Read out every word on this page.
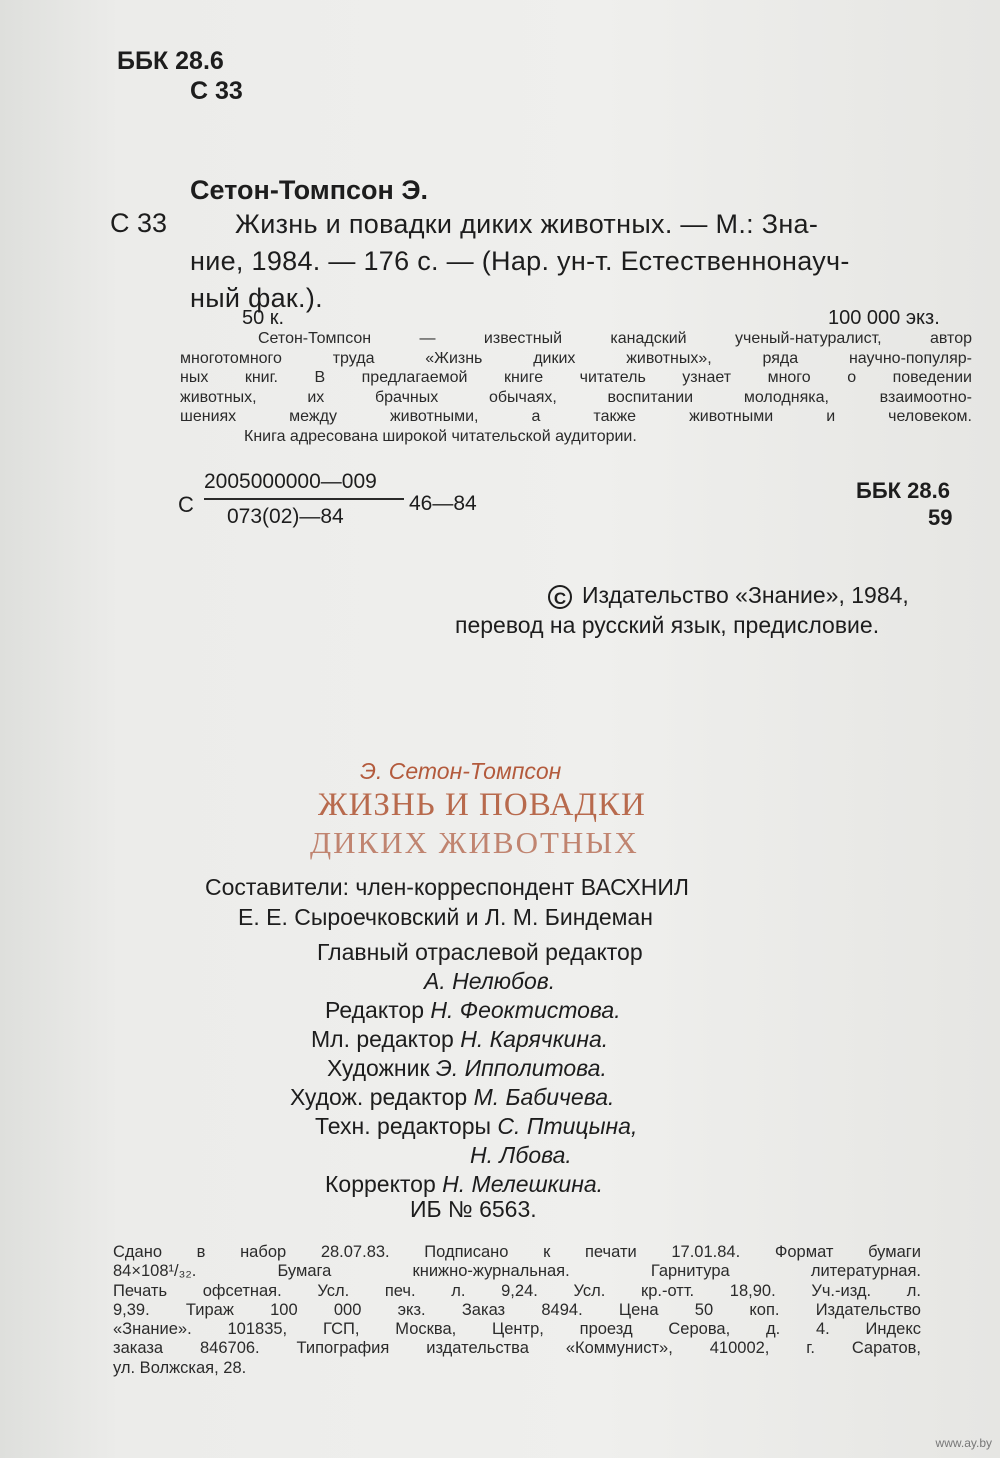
ББК 28.6
С 33
Сетон-Томпсон Э.
С 33	Жизнь и повадки диких животных. — М.: Зна-
ние, 1984. — 176 с. — (Нар. ун-т. Естественнонауч-
ный фак.).
50 к.	100 000 экз.

Сетон-Томпсон — известный канадский ученый-натуралист, автор

многотомного труда «Жизнь диких животных», ряда научно-популяр-

ных книг. В предлагаемой книге читатель узнает много о поведении

животных, их брачных обычаях, воспитании молодняка, взаимоотно-

шениях между животными, а также животными и человеком.

Книга адресована широкой читательской аудитории.

С
2005000000—009
073(02)—84
46—84
ББК 28.6
59
C Издательство «Знание», 1984,
перевод на русский язык, предисловие.
Э. Сетон-Томпсон
ЖИЗНЬ И ПОВАДКИ
ДИКИХ ЖИВОТНЫХ
Составители: член-корреспондент ВАСХНИЛ
Е. Е. Сыроечковский и Л. М. Биндеман
Главный отраслевой редактор
А. Нелюбов.
Редактор Н. Феоктистова.
Мл. редактор Н. Карячкина.
Художник Э. Ипполитова.
Худож. редактор М. Бабичева.
Техн. редакторы С. Птицына,
Н. Лбова.
Корректор Н. Мелешкина.
ИБ № 6563.

Сдано в набор 28.07.83. Подписано к печати 17.01.84. Формат бумаги

84×108¹/₃₂. Бумага книжно-журнальная. Гарнитура литературная.

Печать офсетная. Усл. печ. л. 9,24. Усл. кр.-отт. 18,90. Уч.-изд. л.

9,39. Тираж 100 000 экз. Заказ 8494. Цена 50 коп. Издательство

«Знание». 101835, ГСП, Москва, Центр, проезд Серова, д. 4. Индекс

заказа 846706. Типография издательства «Коммунист», 410002, г. Саратов,

ул. Волжская, 28.

www.ay.by
